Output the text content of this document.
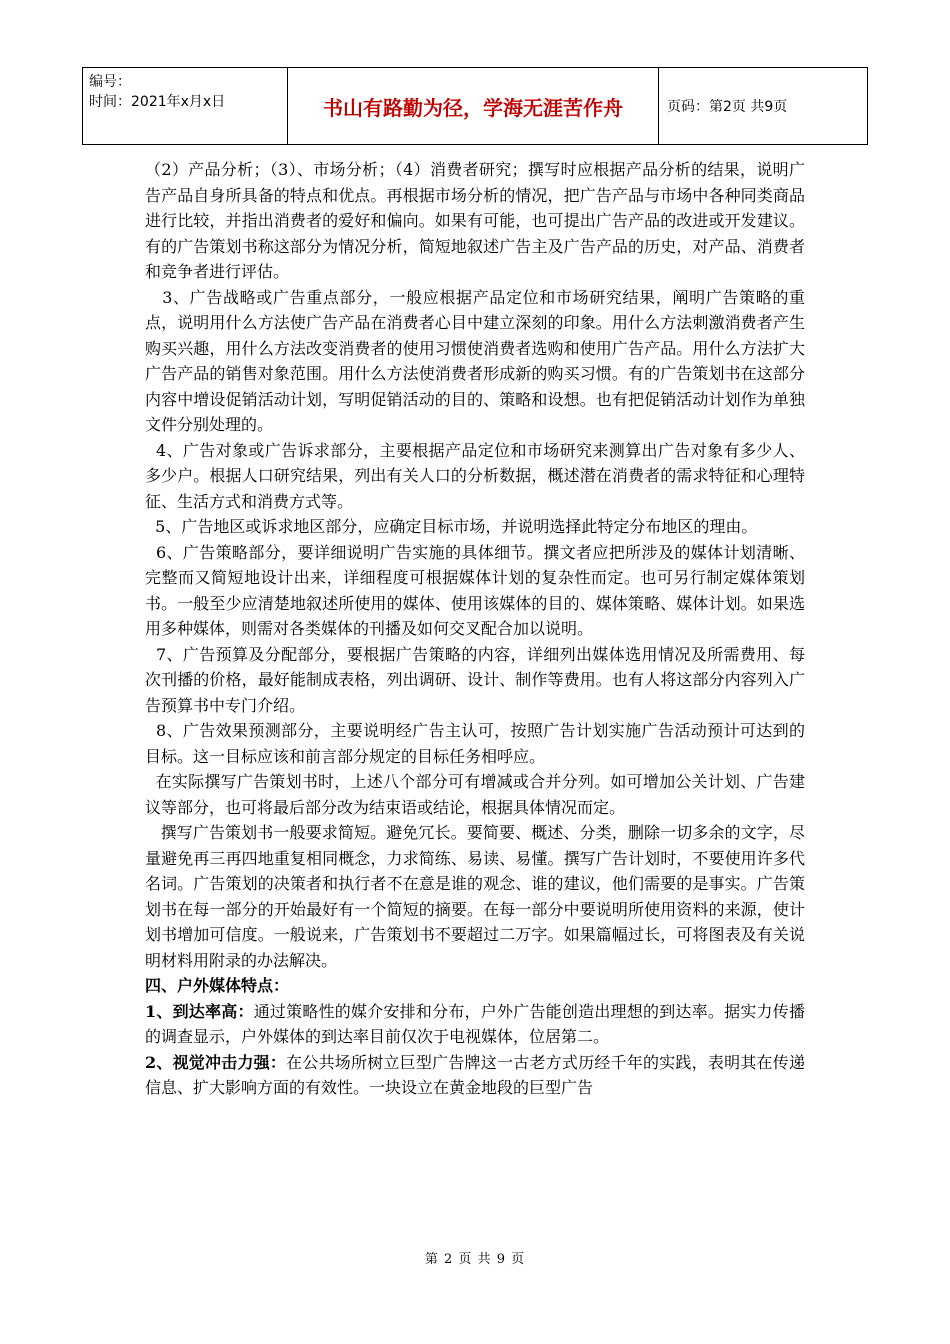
编号：
时间：2021年x月x日	书山有路勤为径，学海无涯苦作舟	页码：第2页 共9页

（2）产品分析；（3）、市场分析；（4）消费者研究；撰写时应根据产品分析的结果，说明广告产品自身所具备的特点和优点。再根据市场分析的情况，把广告产品与市场中各种同类商品进行比较，并指出消费者的爱好和偏向。如果有可能，也可提出广告产品的改进或开发建议。有的广告策划书称这部分为情况分析，简短地叙述广告主及广告产品的历史，对产品、消费者和竞争者进行评估。

3、广告战略或广告重点部分，一般应根据产品定位和市场研究结果，阐明广告策略的重点，说明用什么方法使广告产品在消费者心目中建立深刻的印象。用什么方法刺激消费者产生购买兴趣，用什么方法改变消费者的使用习惯使消费者选购和使用广告产品。用什么方法扩大广告产品的销售对象范围。用什么方法使消费者形成新的购买习惯。有的广告策划书在这部分内容中增设促销活动计划，写明促销活动的目的、策略和设想。也有把促销活动计划作为单独文件分别处理的。

4、广告对象或广告诉求部分，主要根据产品定位和市场研究来测算出广告对象有多少人、多少户。根据人口研究结果，列出有关人口的分析数据，概述潜在消费者的需求特征和心理特征、生活方式和消费方式等。

5、广告地区或诉求地区部分，应确定目标市场，并说明选择此特定分布地区的理由。

6、广告策略部分，要详细说明广告实施的具体细节。撰文者应把所涉及的媒体计划清晰、完整而又简短地设计出来，详细程度可根据媒体计划的复杂性而定。也可另行制定媒体策划书。一般至少应清楚地叙述所使用的媒体、使用该媒体的目的、媒体策略、媒体计划。如果选用多种媒体，则需对各类媒体的刊播及如何交叉配合加以说明。

7、广告预算及分配部分，要根据广告策略的内容，详细列出媒体选用情况及所需费用、每次刊播的价格，最好能制成表格，列出调研、设计、制作等费用。也有人将这部分内容列入广告预算书中专门介绍。

8、广告效果预测部分，主要说明经广告主认可，按照广告计划实施广告活动预计可达到的目标。这一目标应该和前言部分规定的目标任务相呼应。

在实际撰写广告策划书时，上述八个部分可有增减或合并分列。如可增加公关计划、广告建议等部分，也可将最后部分改为结束语或结论，根据具体情况而定。

撰写广告策划书一般要求简短。避免冗长。要简要、概述、分类，删除一切多余的文字，尽量避免再三再四地重复相同概念，力求简练、易读、易懂。撰写广告计划时，不要使用许多代名词。广告策划的决策者和执行者不在意是谁的观念、谁的建议，他们需要的是事实。广告策划书在每一部分的开始最好有一个简短的摘要。在每一部分中要说明所使用资料的来源，使计划书增加可信度。一般说来，广告策划书不要超过二万字。如果篇幅过长，可将图表及有关说明材料用附录的办法解决。

四、户外媒体特点：

1、到达率高：通过策略性的媒介安排和分布，户外广告能创造出理想的到达率。据实力传播的调查显示，户外媒体的到达率目前仅次于电视媒体，位居第二。

2、视觉冲击力强：在公共场所树立巨型广告牌这一古老方式历经千年的实践，表明其在传递信息、扩大影响方面的有效性。一块设立在黄金地段的巨型广告

第 2 页 共 9 页
